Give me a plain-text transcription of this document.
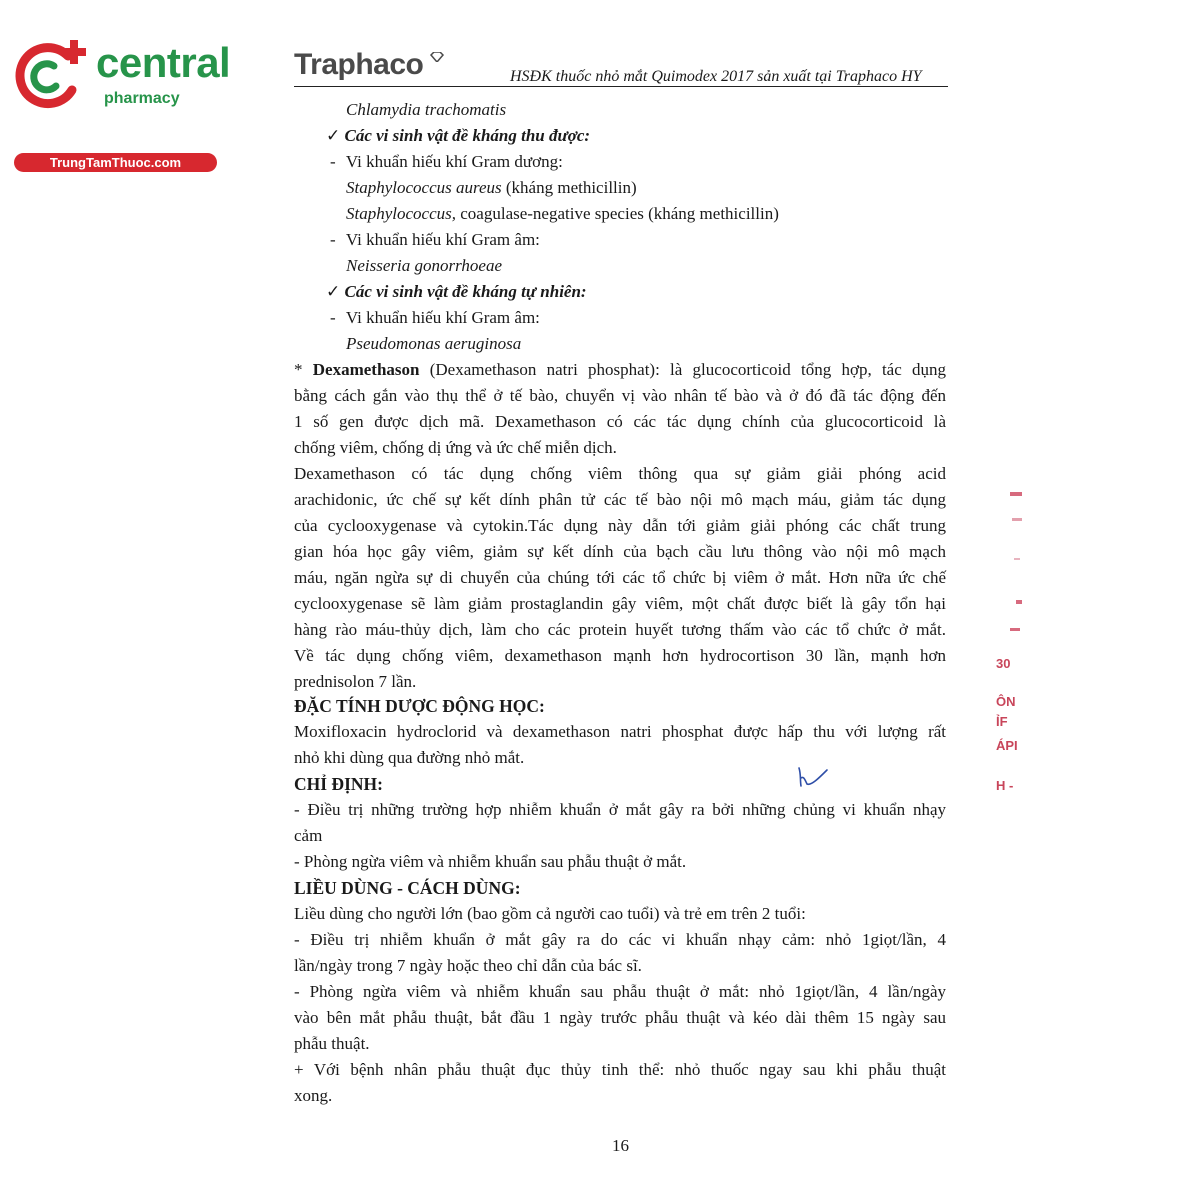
central
pharmacy
TrungTamThuoc.com
Traphaco	HSĐK thuốc nhỏ mắt Quimodex 2017 sản xuất tại Traphaco HY
Chlamydia trachomatis
✓ Các vi sinh vật đề kháng thu được:
- Vi khuẩn hiếu khí Gram dương:
Staphylococcus aureus (kháng methicillin)
Staphylococcus, coagulase-negative species (kháng methicillin)
- Vi khuẩn hiếu khí Gram âm:
Neisseria gonorrhoeae
✓ Các vi sinh vật đề kháng tự nhiên:
- Vi khuẩn hiếu khí Gram âm:
Pseudomonas aeruginosa
* Dexamethason (Dexamethason natri phosphat): là glucocorticoid tổng hợp, tác dụng
bằng cách gắn vào thụ thể ở tế bào, chuyển vị vào nhân tế bào và ở đó đã tác động đến
1 số gen được dịch mã. Dexamethason có các tác dụng chính của glucocorticoid là
chống viêm, chống dị ứng và ức chế miễn dịch.
Dexamethason có tác dụng chống viêm thông qua sự giảm giải phóng acid
arachidonic, ức chế sự kết dính phân tử các tế bào nội mô mạch máu, giảm tác dụng
của cyclooxygenase và cytokin.Tác dụng này dẫn tới giảm giải phóng các chất trung
gian hóa học gây viêm, giảm sự kết dính của bạch cầu lưu thông vào nội mô mạch
máu, ngăn ngừa sự di chuyển của chúng tới các tổ chức bị viêm ở mắt. Hơn nữa ức chế
cyclooxygenase sẽ làm giảm prostaglandin gây viêm, một chất được biết là gây tổn hại
hàng rào máu-thủy dịch, làm cho các protein huyết tương thấm vào các tổ chức ở mắt.
Về tác dụng chống viêm, dexamethason mạnh hơn hydrocortison 30 lần, mạnh hơn
prednisolon 7 lần.
ĐẶC TÍNH DƯỢC ĐỘNG HỌC:
Moxifloxacin hydroclorid và dexamethason natri phosphat được hấp thu với lượng rất
nhỏ khi dùng qua đường nhỏ mắt.
CHỈ ĐỊNH:
- Điều trị những trường hợp nhiễm khuẩn ở mắt gây ra bởi những chủng vi khuẩn nhạy
cảm
- Phòng ngừa viêm và nhiễm khuẩn sau phẫu thuật ở mắt.
LIỀU DÙNG - CÁCH DÙNG:
Liều dùng cho người lớn (bao gồm cả người cao tuổi) và trẻ em trên 2 tuổi:
- Điều trị nhiễm khuẩn ở mắt gây ra do các vi khuẩn nhạy cảm: nhỏ 1giọt/lần, 4
lần/ngày trong 7 ngày hoặc theo chỉ dẫn của bác sĩ.
- Phòng ngừa viêm và nhiễm khuẩn sau phẫu thuật ở mắt: nhỏ 1giọt/lần, 4 lần/ngày
vào bên mắt phẫu thuật, bắt đầu 1 ngày trước phẫu thuật và kéo dài thêm 15 ngày sau
phẫu thuật.
+ Với bệnh nhân phẫu thuật đục thủy tinh thể: nhỏ thuốc ngay sau khi phẫu thuật
xong.
16
30
ÔN
ỈF
ÁPI
H -
